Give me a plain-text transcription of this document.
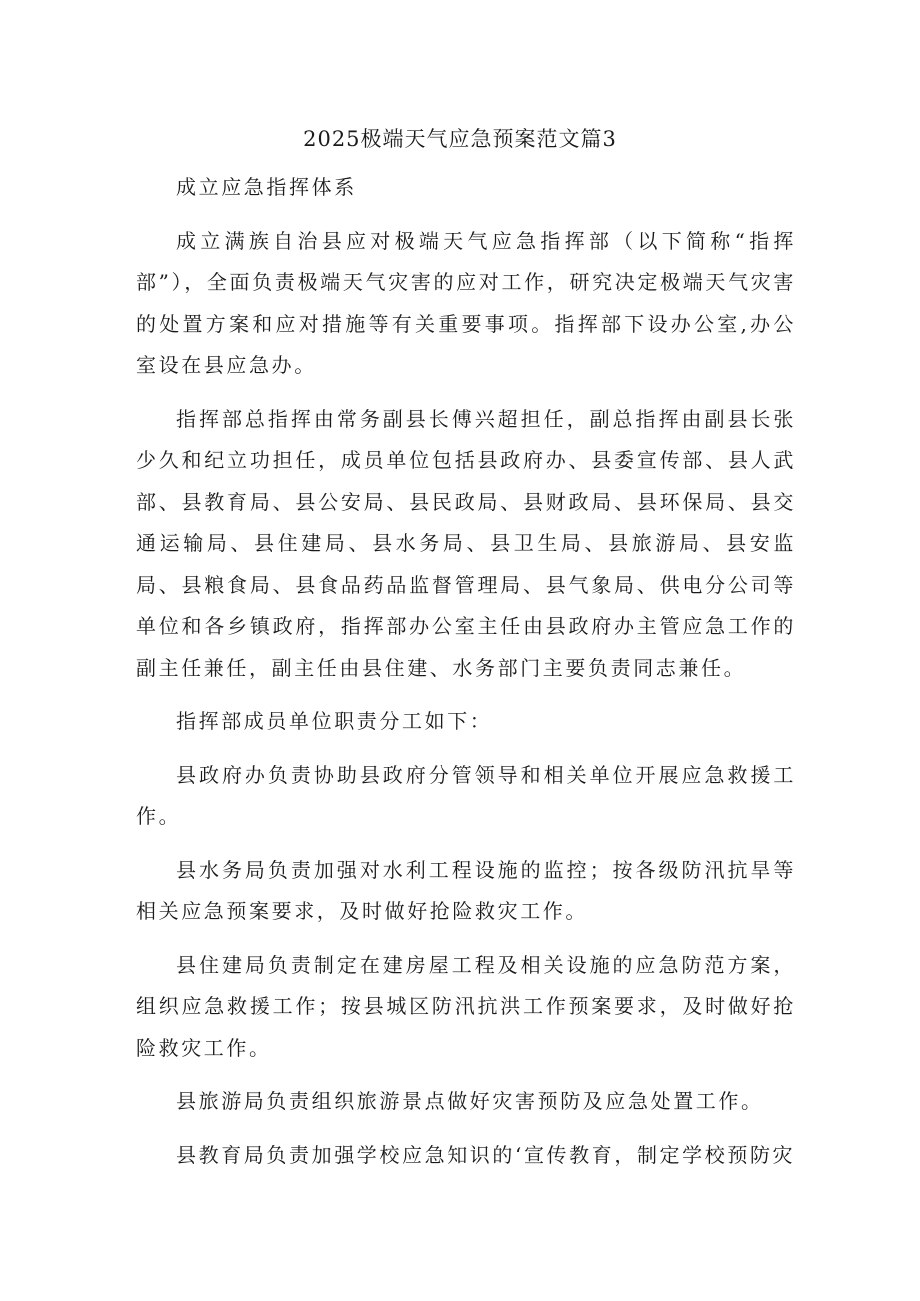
2025极端天气应急预案范文篇3

成立应急指挥体系

成立满族自治县应对极端天气应急指挥部（以下简称“指挥部”），全面负责极端天气灾害的应对工作，研究决定极端天气灾害的处置方案和应对措施等有关重要事项。指挥部下设办公室,办公室设在县应急办。

指挥部总指挥由常务副县长傅兴超担任，副总指挥由副县长张少久和纪立功担任，成员单位包括县政府办、县委宣传部、县人武部、县教育局、县公安局、县民政局、县财政局、县环保局、县交通运输局、县住建局、县水务局、县卫生局、县旅游局、县安监局、县粮食局、县食品药品监督管理局、县气象局、供电分公司等单位和各乡镇政府，指挥部办公室主任由县政府办主管应急工作的副主任兼任，副主任由县住建、水务部门主要负责同志兼任。

指挥部成员单位职责分工如下：

县政府办负责协助县政府分管领导和相关单位开展应急救援工作。

县水务局负责加强对水利工程设施的监控；按各级防汛抗旱等相关应急预案要求，及时做好抢险救灾工作。

县住建局负责制定在建房屋工程及相关设施的应急防范方案，组织应急救援工作；按县城区防汛抗洪工作预案要求，及时做好抢险救灾工作。

县旅游局负责组织旅游景点做好灾害预防及应急处置工作。

县教育局负责加强学校应急知识的‘宣传教育，制定学校预防灾
